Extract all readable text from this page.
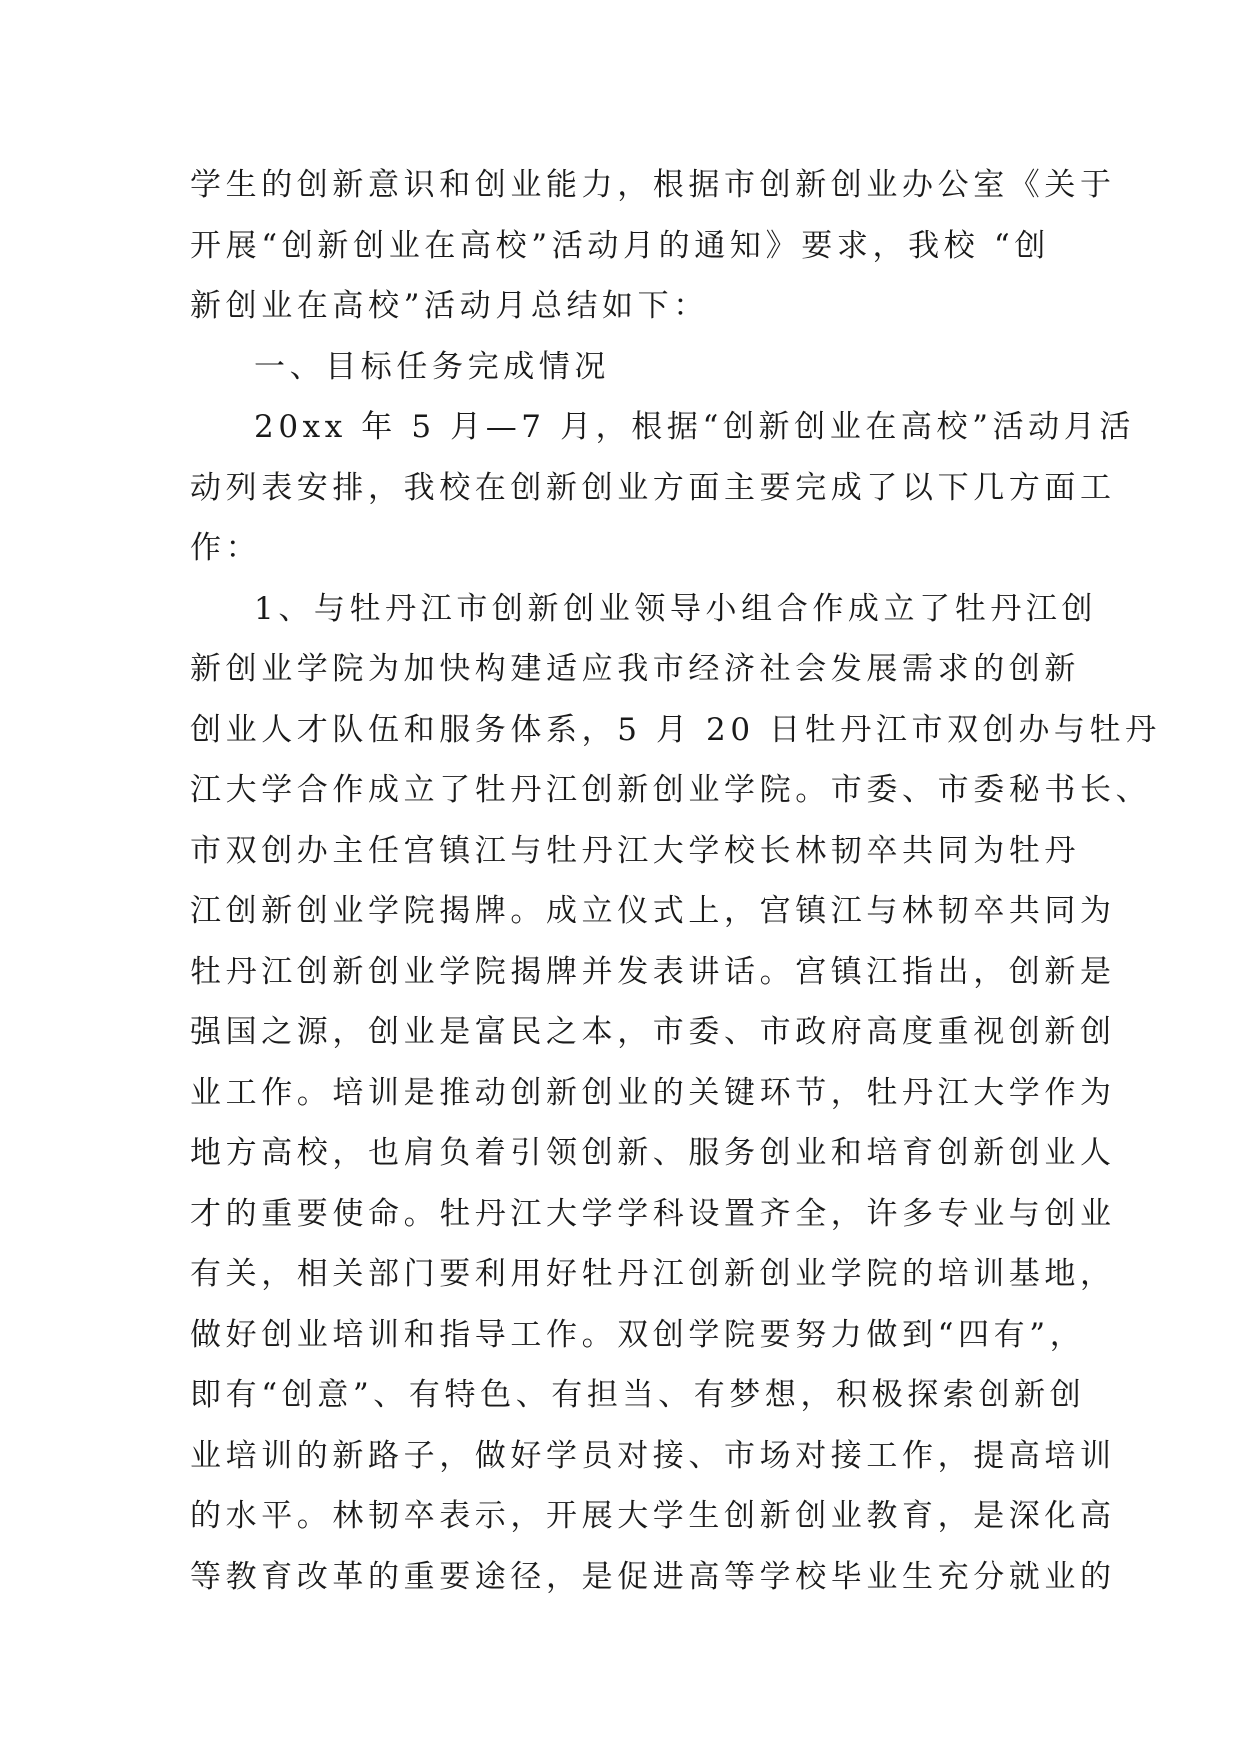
学生的创新意识和创业能力，根据市创新创业办公室《关于
开展“创新创业在高校”活动月的通知》要求，我校 “创
新创业在高校”活动月总结如下：
一、目标任务完成情况
20xx 年 5 月—7 月，根据“创新创业在高校”活动月活
动列表安排，我校在创新创业方面主要完成了以下几方面工
作：
1、与牡丹江市创新创业领导小组合作成立了牡丹江创
新创业学院为加快构建适应我市经济社会发展需求的创新
创业人才队伍和服务体系，5 月 20 日牡丹江市双创办与牡丹
江大学合作成立了牡丹江创新创业学院。市委、市委秘书长、
市双创办主任宫镇江与牡丹江大学校长林韧卒共同为牡丹
江创新创业学院揭牌。成立仪式上，宫镇江与林韧卒共同为
牡丹江创新创业学院揭牌并发表讲话。宫镇江指出，创新是
强国之源，创业是富民之本，市委、市政府高度重视创新创
业工作。培训是推动创新创业的关键环节，牡丹江大学作为
地方高校，也肩负着引领创新、服务创业和培育创新创业人
才的重要使命。牡丹江大学学科设置齐全，许多专业与创业
有关，相关部门要利用好牡丹江创新创业学院的培训基地，
做好创业培训和指导工作。双创学院要努力做到“四有”，
即有“创意”、有特色、有担当、有梦想，积极探索创新创
业培训的新路子，做好学员对接、市场对接工作，提高培训
的水平。林韧卒表示，开展大学生创新创业教育，是深化高
等教育改革的重要途径，是促进高等学校毕业生充分就业的
